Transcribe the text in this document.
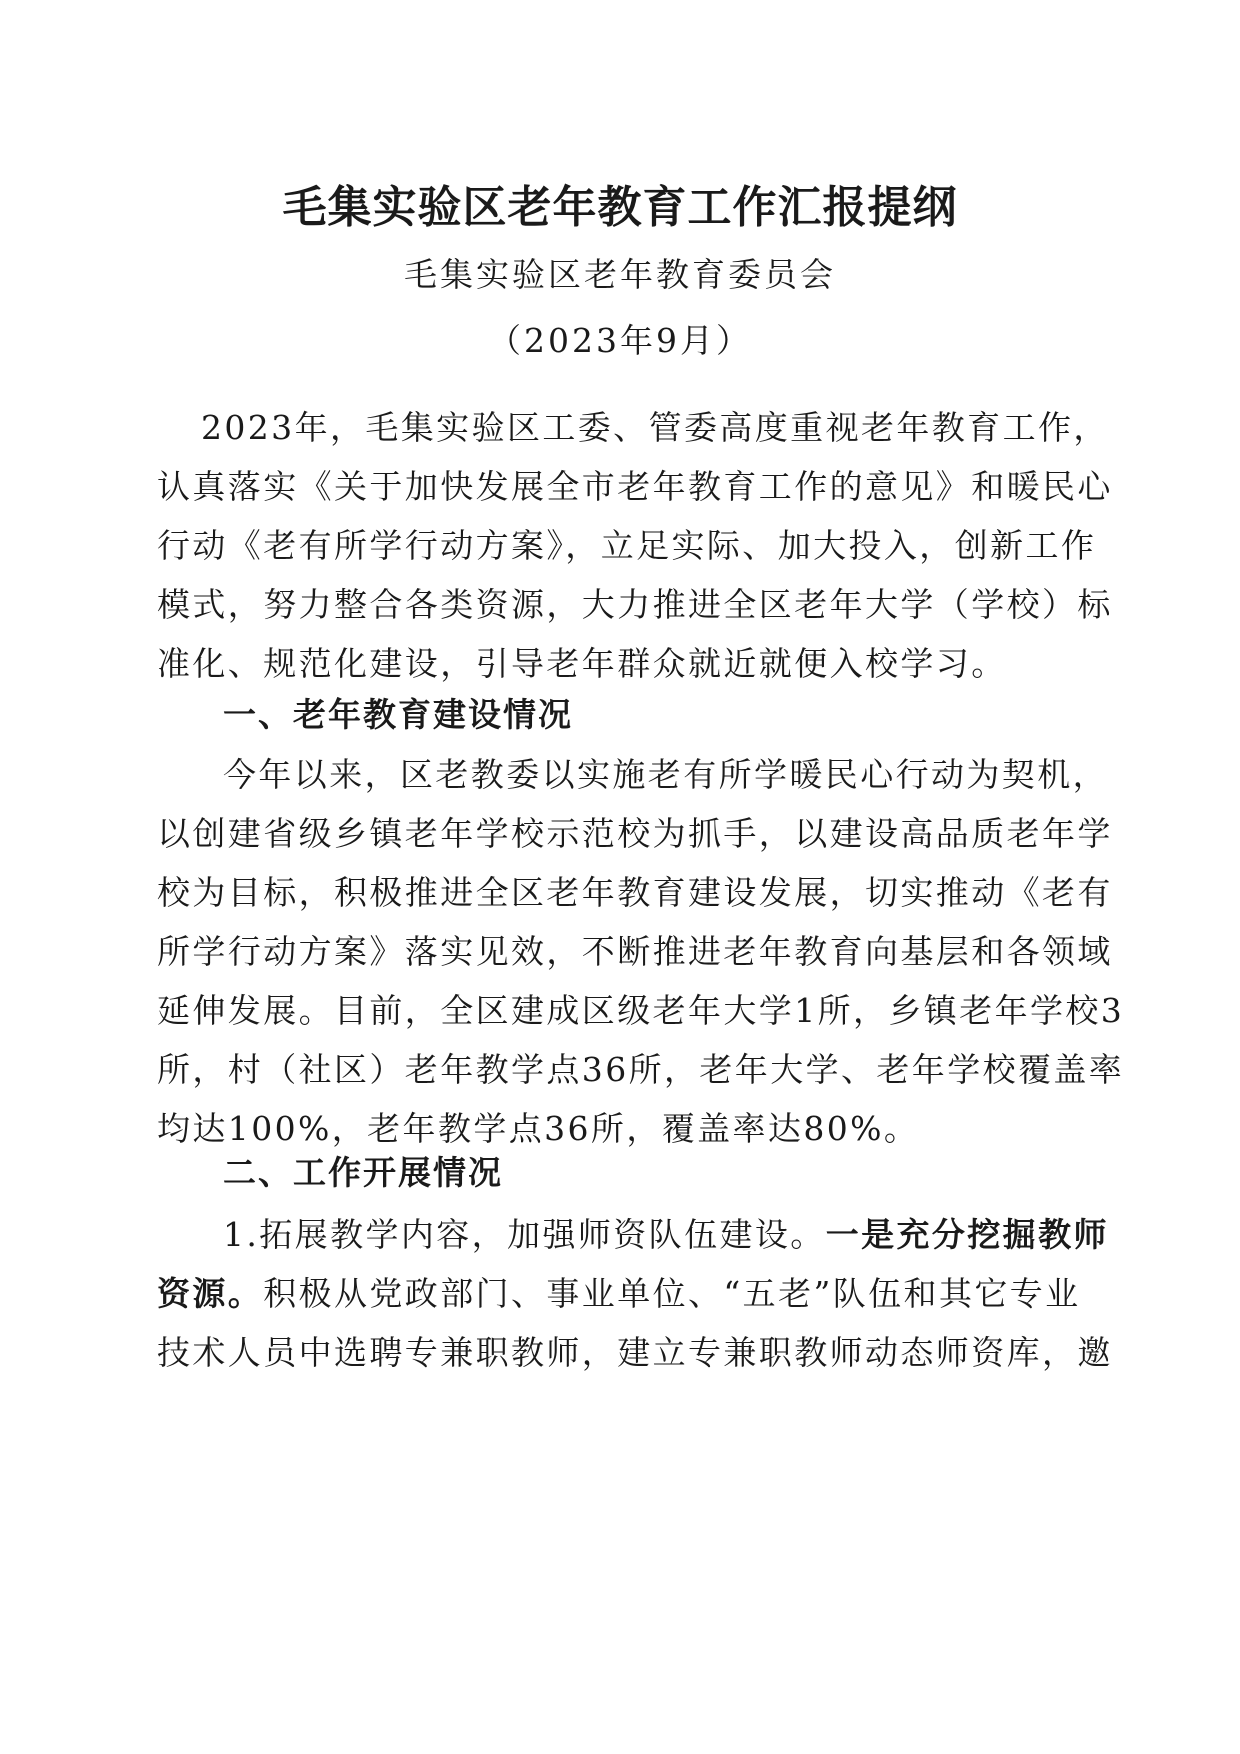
毛集实验区老年教育工作汇报提纲
毛集实验区老年教育委员会
（2023年9月）
2023年，毛集实验区工委、管委高度重视老年教育工作，
认真落实《关于加快发展全市老年教育工作的意见》和暖民心
行动《老有所学行动方案》，立足实际、加大投入，创新工作
模式，努力整合各类资源，大力推进全区老年大学（学校）标
准化、规范化建设，引导老年群众就近就便入校学习。
一、老年教育建设情况
今年以来，区老教委以实施老有所学暖民心行动为契机，
以创建省级乡镇老年学校示范校为抓手，以建设高品质老年学
校为目标，积极推进全区老年教育建设发展，切实推动《老有
所学行动方案》落实见效，不断推进老年教育向基层和各领域
延伸发展。目前，全区建成区级老年大学1所，乡镇老年学校3
所，村（社区）老年教学点36所，老年大学、老年学校覆盖率
均达100%，老年教学点36所，覆盖率达80%。
二、工作开展情况
1.拓展教学内容，加强师资队伍建设。一是充分挖掘教师
资源。积极从党政部门、事业单位、“五老”队伍和其它专业
技术人员中选聘专兼职教师，建立专兼职教师动态师资库，邀
